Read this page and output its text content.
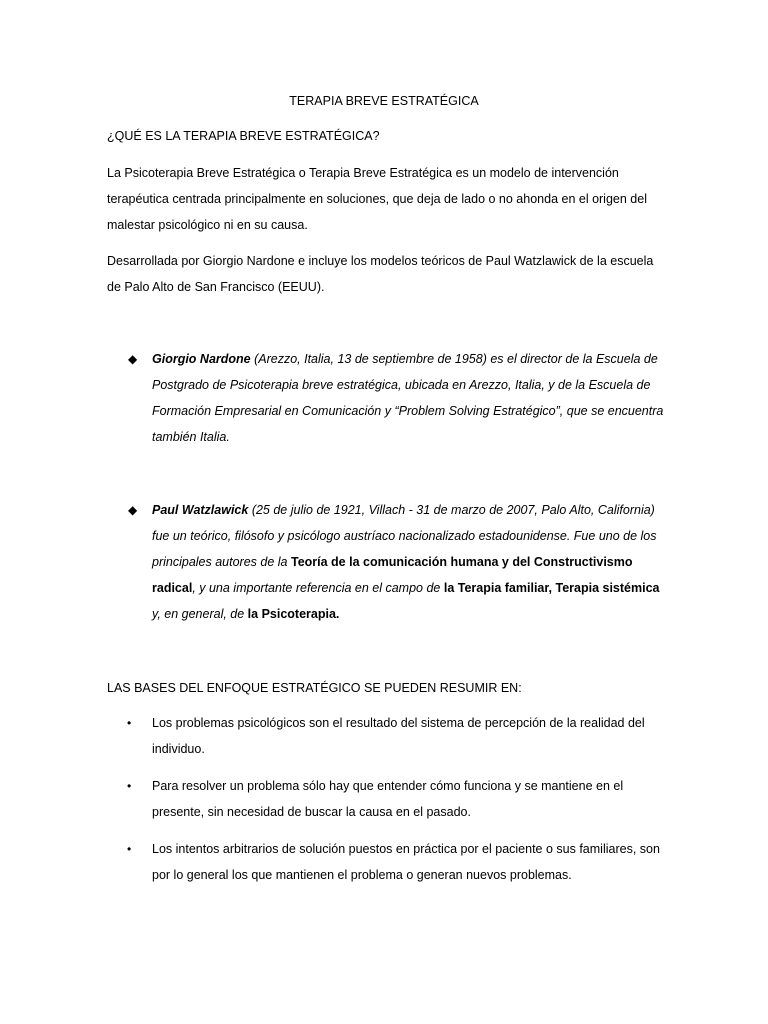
TERAPIA BREVE ESTRATÉGICA

¿QUÉ ES LA TERAPIA BREVE ESTRATÉGICA?

La Psicoterapia Breve Estratégica o Terapia Breve Estratégica es un modelo de intervención terapéutica centrada principalmente en soluciones, que deja de lado o no ahonda en el origen del malestar psicológico ni en su causa.

Desarrollada por Giorgio Nardone e incluye los modelos teóricos de Paul Watzlawick de la escuela de Palo Alto de San Francisco (EEUU).

◆ Giorgio Nardone (Arezzo, Italia, 13 de septiembre de 1958) es el director de la Escuela de Postgrado de Psicoterapia breve estratégica, ubicada en Arezzo, Italia, y de la Escuela de Formación Empresarial en Comunicación y “Problem Solving Estratégico”, que se encuentra también Italia.

◆ Paul Watzlawick (25 de julio de 1921, Villach - 31 de marzo de 2007, Palo Alto, California) fue un teórico, filósofo y psicólogo austríaco nacionalizado estadounidense. Fue uno de los principales autores de la Teoría de la comunicación humana y del Constructivismo radical, y una importante referencia en el campo de la Terapia familiar, Terapia sistémica y, en general, de la Psicoterapia.

LAS BASES DEL ENFOQUE ESTRATÉGICO SE PUEDEN RESUMIR EN:

• Los problemas psicológicos son el resultado del sistema de percepción de la realidad del individuo.

• Para resolver un problema sólo hay que entender cómo funciona y se mantiene en el presente, sin necesidad de buscar la causa en el pasado.

• Los intentos arbitrarios de solución puestos en práctica por el paciente o sus familiares, son por lo general los que mantienen el problema o generan nuevos problemas.
